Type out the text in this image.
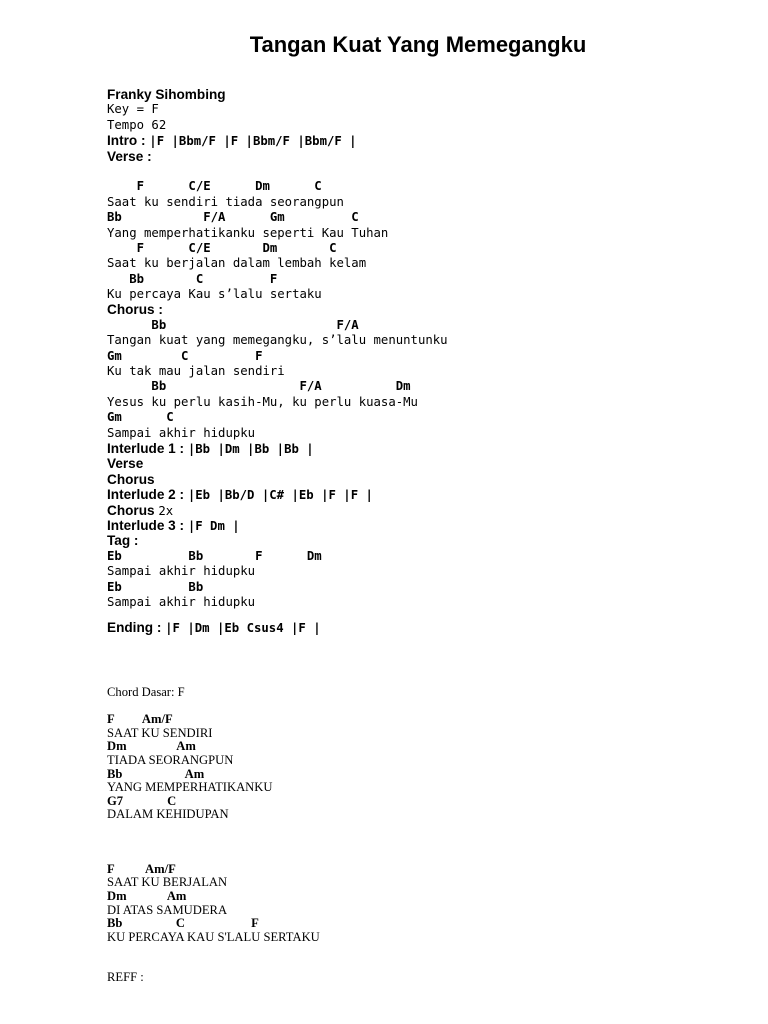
Tangan Kuat Yang Memegangku
Franky Sihombing
Key = F
Tempo 62
Intro : |F |Bbm/F |F |Bbm/F |Bbm/F |
Verse :
F      C/E      Dm      C
Saat ku sendiri tiada seorangpun
Bb           F/A      Gm         C
Yang memperhatikanku seperti Kau Tuhan
F      C/E       Dm       C
Saat ku berjalan dalam lembah kelam
Bb       C         F
Ku percaya Kau s’lalu sertaku
Chorus :
Bb                       F/A
Tangan kuat yang memegangku, s’lalu menuntunku
Gm        C         F
Ku tak mau jalan sendiri
Bb                  F/A          Dm
Yesus ku perlu kasih-Mu, ku perlu kuasa-Mu
Gm      C
Sampai akhir hidupku
Interlude 1 : |Bb |Dm |Bb |Bb |
Verse
Chorus
Interlude 2 : |Eb |Bb/D |C# |Eb |F |F |
Chorus 2x
Interlude 3 : |F Dm |
Tag :
Eb         Bb       F      Dm
Sampai akhir hidupku
Eb         Bb
Sampai akhir hidupku
Ending : |F |Dm |Eb Csus4 |F |
Chord Dasar: F
F         Am/F
SAAT KU SENDIRI
Dm                Am
TIADA SEORANGPUN
Bb                    Am
YANG MEMPERHATIKANKU
G7              C
DALAM KEHIDUPAN
F          Am/F
SAAT KU BERJALAN
Dm             Am
DI ATAS SAMUDERA
Bb                 C                     F
KU PERCAYA KAU S'LALU SERTAKU
REFF :
